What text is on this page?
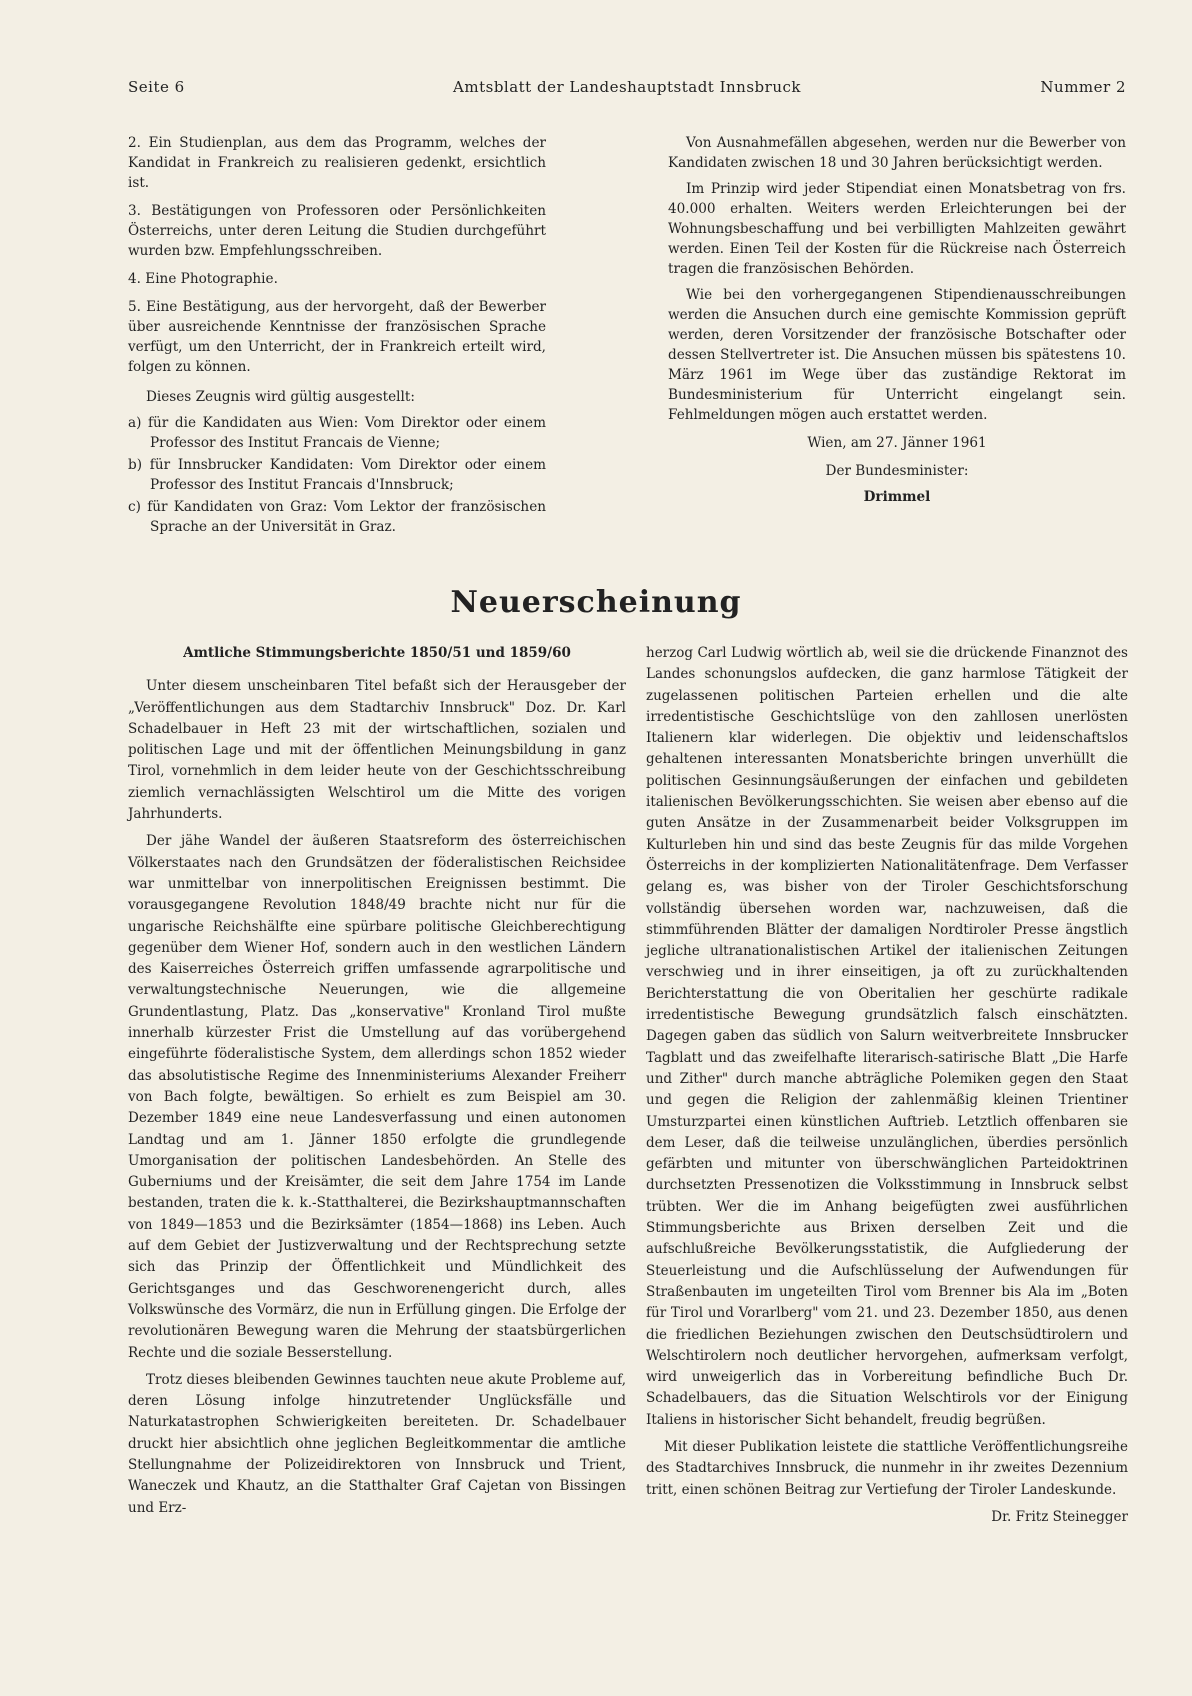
Seite 6	Amtsblatt der Landeshauptstadt Innsbruck	Nummer 2

2. Ein Studienplan, aus dem das Programm, welches der Kandidat in Frankreich zu realisieren gedenkt, ersichtlich ist.

3. Bestätigungen von Professoren oder Persönlichkeiten Österreichs, unter deren Leitung die Studien durchgeführt wurden bzw. Empfehlungsschreiben.

4. Eine Photographie.

5. Eine Bestätigung, aus der hervorgeht, daß der Bewerber über ausreichende Kenntnisse der französischen Sprache verfügt, um den Unterricht, der in Frankreich erteilt wird, folgen zu können.

Dieses Zeugnis wird gültig ausgestellt:

a) für die Kandidaten aus Wien: Vom Direktor oder einem Professor des Institut Francais de Vienne;

b) für Innsbrucker Kandidaten: Vom Direktor oder einem Professor des Institut Francais d'Innsbruck;

c) für Kandidaten von Graz: Vom Lektor der französischen Sprache an der Universität in Graz.

Von Ausnahmefällen abgesehen, werden nur die Bewerber von Kandidaten zwischen 18 und 30 Jahren berücksichtigt werden.

Im Prinzip wird jeder Stipendiat einen Monatsbetrag von frs. 40.000 erhalten. Weiters werden Erleichterungen bei der Wohnungsbeschaffung und bei verbilligten Mahlzeiten gewährt werden. Einen Teil der Kosten für die Rückreise nach Österreich tragen die französischen Behörden.

Wie bei den vorhergegangenen Stipendienausschreibungen werden die Ansuchen durch eine gemischte Kommission geprüft werden, deren Vorsitzender der französische Botschafter oder dessen Stellvertreter ist. Die Ansuchen müssen bis spätestens 10. März 1961 im Wege über das zuständige Rektorat im Bundesministerium für Unterricht eingelangt sein. Fehlmeldungen mögen auch erstattet werden.

Wien, am 27. Jänner 1961

Der Bundesminister:

Drimmel

Neuerscheinung

Amtliche Stimmungsberichte 1850/51 und 1859/60

Unter diesem unscheinbaren Titel befaßt sich der Herausgeber der „Veröffentlichungen aus dem Stadtarchiv Innsbruck" Doz. Dr. Karl Schadelbauer in Heft 23 mit der wirtschaftlichen, sozialen und politischen Lage und mit der öffentlichen Meinungsbildung in ganz Tirol, vornehmlich in dem leider heute von der Geschichtsschreibung ziemlich vernachlässigten Welschtirol um die Mitte des vorigen Jahrhunderts.

Der jähe Wandel der äußeren Staatsreform des österreichischen Völkerstaates nach den Grundsätzen der föderalistischen Reichsidee war unmittelbar von innerpolitischen Ereignissen bestimmt. Die vorausgegangene Revolution 1848/49 brachte nicht nur für die ungarische Reichshälfte eine spürbare politische Gleichberechtigung gegenüber dem Wiener Hof, sondern auch in den westlichen Ländern des Kaiserreiches Österreich griffen umfassende agrarpolitische und verwaltungstechnische Neuerungen, wie die allgemeine Grundentlastung, Platz. Das „konservative" Kronland Tirol mußte innerhalb kürzester Frist die Umstellung auf das vorübergehend eingeführte föderalistische System, dem allerdings schon 1852 wieder das absolutistische Regime des Innenministeriums Alexander Freiherr von Bach folgte, bewältigen. So erhielt es zum Beispiel am 30. Dezember 1849 eine neue Landesverfassung und einen autonomen Landtag und am 1. Jänner 1850 erfolgte die grundlegende Umorganisation der politischen Landesbehörden. An Stelle des Guberniums und der Kreisämter, die seit dem Jahre 1754 im Lande bestanden, traten die k. k.-Statthalterei, die Bezirkshauptmannschaften von 1849—1853 und die Bezirksämter (1854—1868) ins Leben. Auch auf dem Gebiet der Justizverwaltung und der Rechtsprechung setzte sich das Prinzip der Öffentlichkeit und Mündlichkeit des Gerichtsganges und das Geschworenengericht durch, alles Volkswünsche des Vormärz, die nun in Erfüllung gingen. Die Erfolge der revolutionären Bewegung waren die Mehrung der staatsbürgerlichen Rechte und die soziale Besserstellung.

Trotz dieses bleibenden Gewinnes tauchten neue akute Probleme auf, deren Lösung infolge hinzutretender Unglücksfälle und Naturkatastrophen Schwierigkeiten bereiteten. Dr. Schadelbauer druckt hier absichtlich ohne jeglichen Begleitkommentar die amtliche Stellungnahme der Polizeidirektoren von Innsbruck und Trient, Waneczek und Khautz, an die Statthalter Graf Cajetan von Bissingen und Erz-

herzog Carl Ludwig wörtlich ab, weil sie die drückende Finanznot des Landes schonungslos aufdecken, die ganz harmlose Tätigkeit der zugelassenen politischen Parteien erhellen und die alte irredentistische Geschichtslüge von den zahllosen unerlösten Italienern klar widerlegen. Die objektiv und leidenschaftslos gehaltenen interessanten Monatsberichte bringen unverhüllt die politischen Gesinnungsäußerungen der einfachen und gebildeten italienischen Bevölkerungsschichten. Sie weisen aber ebenso auf die guten Ansätze in der Zusammenarbeit beider Volksgruppen im Kulturleben hin und sind das beste Zeugnis für das milde Vorgehen Österreichs in der komplizierten Nationalitätenfrage. Dem Verfasser gelang es, was bisher von der Tiroler Geschichtsforschung vollständig übersehen worden war, nachzuweisen, daß die stimmführenden Blätter der damaligen Nordtiroler Presse ängstlich jegliche ultranationalistischen Artikel der italienischen Zeitungen verschwieg und in ihrer einseitigen, ja oft zu zurückhaltenden Berichterstattung die von Oberitalien her geschürte radikale irredentistische Bewegung grundsätzlich falsch einschätzten. Dagegen gaben das südlich von Salurn weitverbreitete Innsbrucker Tagblatt und das zweifelhafte literarisch-satirische Blatt „Die Harfe und Zither" durch manche abträgliche Polemiken gegen den Staat und gegen die Religion der zahlenmäßig kleinen Trientiner Umsturzpartei einen künstlichen Auftrieb. Letztlich offenbaren sie dem Leser, daß die teilweise unzulänglichen, überdies persönlich gefärbten und mitunter von überschwänglichen Parteidoktrinen durchsetzten Pressenotizen die Volksstimmung in Innsbruck selbst trübten. Wer die im Anhang beigefügten zwei ausführlichen Stimmungsberichte aus Brixen derselben Zeit und die aufschlußreiche Bevölkerungsstatistik, die Aufgliederung der Steuerleistung und die Aufschlüsselung der Aufwendungen für Straßenbauten im ungeteilten Tirol vom Brenner bis Ala im „Boten für Tirol und Vorarlberg" vom 21. und 23. Dezember 1850, aus denen die friedlichen Beziehungen zwischen den Deutschsüdtirolern und Welschtirolern noch deutlicher hervorgehen, aufmerksam verfolgt, wird unweigerlich das in Vorbereitung befindliche Buch Dr. Schadelbauers, das die Situation Welschtirols vor der Einigung Italiens in historischer Sicht behandelt, freudig begrüßen.

Mit dieser Publikation leistete die stattliche Veröffentlichungsreihe des Stadtarchives Innsbruck, die nunmehr in ihr zweites Dezennium tritt, einen schönen Beitrag zur Vertiefung der Tiroler Landeskunde.

Dr. Fritz Steinegger
